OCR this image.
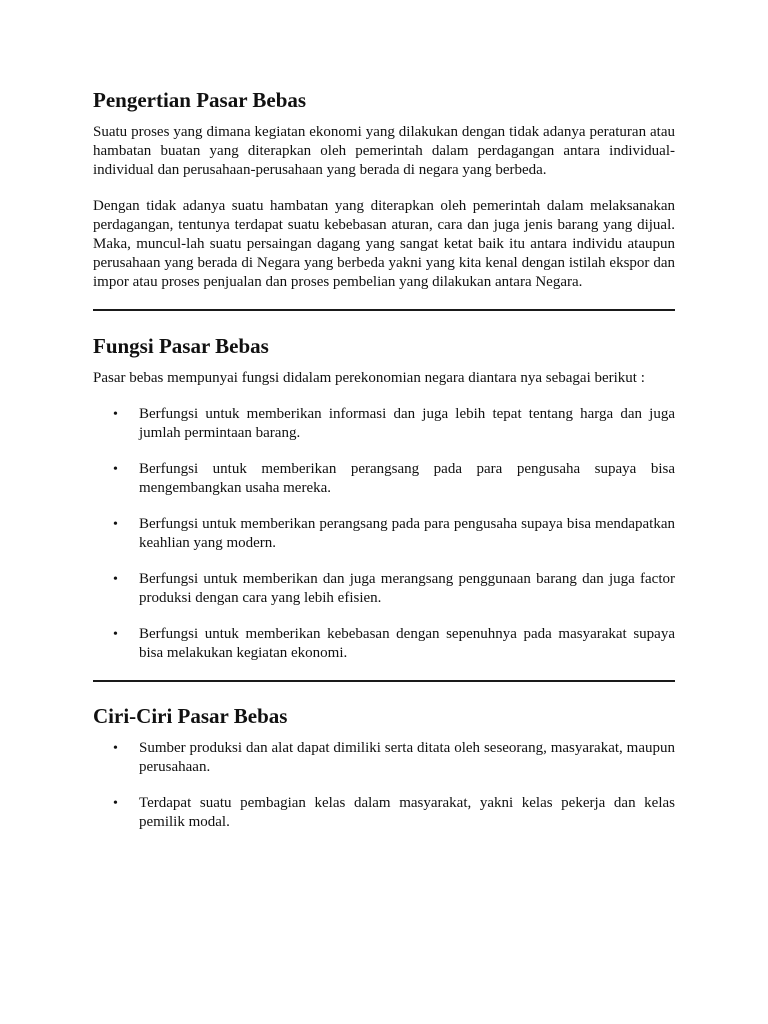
Pengertian Pasar Bebas

Suatu proses yang dimana kegiatan ekonomi yang dilakukan dengan tidak adanya peraturan atau hambatan buatan yang diterapkan oleh pemerintah dalam perdagangan antara individual-individual dan perusahaan-perusahaan yang berada di negara yang berbeda.

Dengan tidak adanya suatu hambatan yang diterapkan oleh pemerintah dalam melaksanakan perdagangan, tentunya terdapat suatu kebebasan aturan, cara dan juga jenis barang yang dijual. Maka, muncul-lah suatu persaingan dagang yang sangat ketat baik itu antara individu ataupun perusahaan yang berada di Negara yang berbeda yakni yang kita kenal dengan istilah ekspor dan impor atau proses penjualan dan proses pembelian yang dilakukan antara Negara.

Fungsi Pasar Bebas

Pasar bebas mempunyai fungsi didalam perekonomian negara diantara nya sebagai berikut :

• Berfungsi untuk memberikan informasi dan juga lebih tepat tentang harga dan juga jumlah permintaan barang.
• Berfungsi untuk memberikan perangsang pada para pengusaha supaya bisa mengembangkan usaha mereka.
• Berfungsi untuk memberikan perangsang pada para pengusaha supaya bisa mendapatkan keahlian yang modern.
• Berfungsi untuk memberikan dan juga merangsang penggunaan barang dan juga factor produksi dengan cara yang lebih efisien.
• Berfungsi untuk memberikan kebebasan dengan sepenuhnya pada masyarakat supaya bisa melakukan kegiatan ekonomi.
Ciri-Ciri Pasar Bebas
• Sumber produksi dan alat dapat dimiliki serta ditata oleh seseorang, masyarakat, maupun perusahaan.
• Terdapat suatu pembagian kelas dalam masyarakat, yakni kelas pekerja dan kelas pemilik modal.
